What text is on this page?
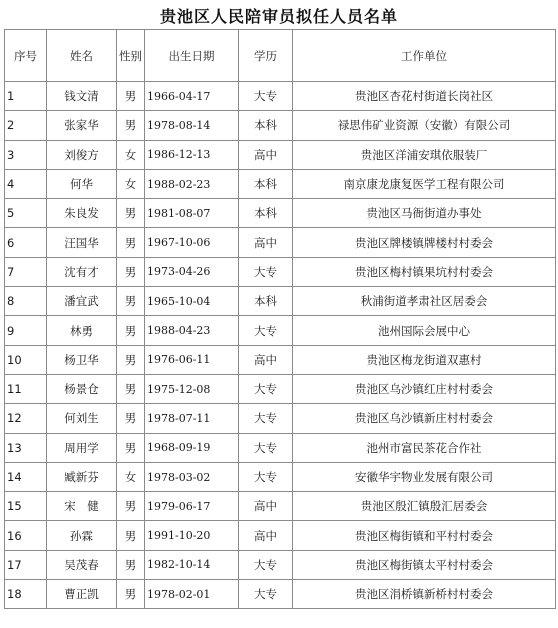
贵池区人民陪审员拟任人员名单
序号	姓名	性别	出生日期	学历	工作单位
1	钱文清	男	1966-04-17	大专	贵池区杏花村街道长岗社区
2	张家华	男	1978-08-14	本科	禄思伟矿业资源（安徽）有限公司
3	刘俊方	女	1986-12-13	高中	贵池区洋浦安琪依服装厂
4	何华	女	1988-02-23	本科	南京康龙康复医学工程有限公司
5	朱良发	男	1981-08-07	本科	贵池区马衙街道办事处
6	汪国华	男	1967-10-06	高中	贵池区牌楼镇牌楼村村委会
7	沈有才	男	1973-04-26	大专	贵池区梅村镇果坑村村委会
8	潘宜武	男	1965-10-04	本科	秋浦街道孝肃社区居委会
9	林勇	男	1988-04-23	大专	池州国际会展中心
10	杨卫华	男	1976-06-11	高中	贵池区梅龙街道双惠村
11	杨景仓	男	1975-12-08	大专	贵池区乌沙镇红庄村村委会
12	何刘生	男	1978-07-11	大专	贵池区乌沙镇新庄村村委会
13	周用学	男	1968-09-19	大专	池州市富民茶花合作社
14	臧新芬	女	1978-03-02	大专	安徽华宇物业发展有限公司
15	宋　健	男	1979-06-17	高中	贵池区殷汇镇殷汇居委会
16	孙霖	男	1991-10-20	高中	贵池区梅街镇和平村村委会
17	吴茂春	男	1982-10-14	大专	贵池区梅街镇太平村村委会
18	曹正凯	男	1978-02-01	大专	贵池区涓桥镇新桥村村委会
